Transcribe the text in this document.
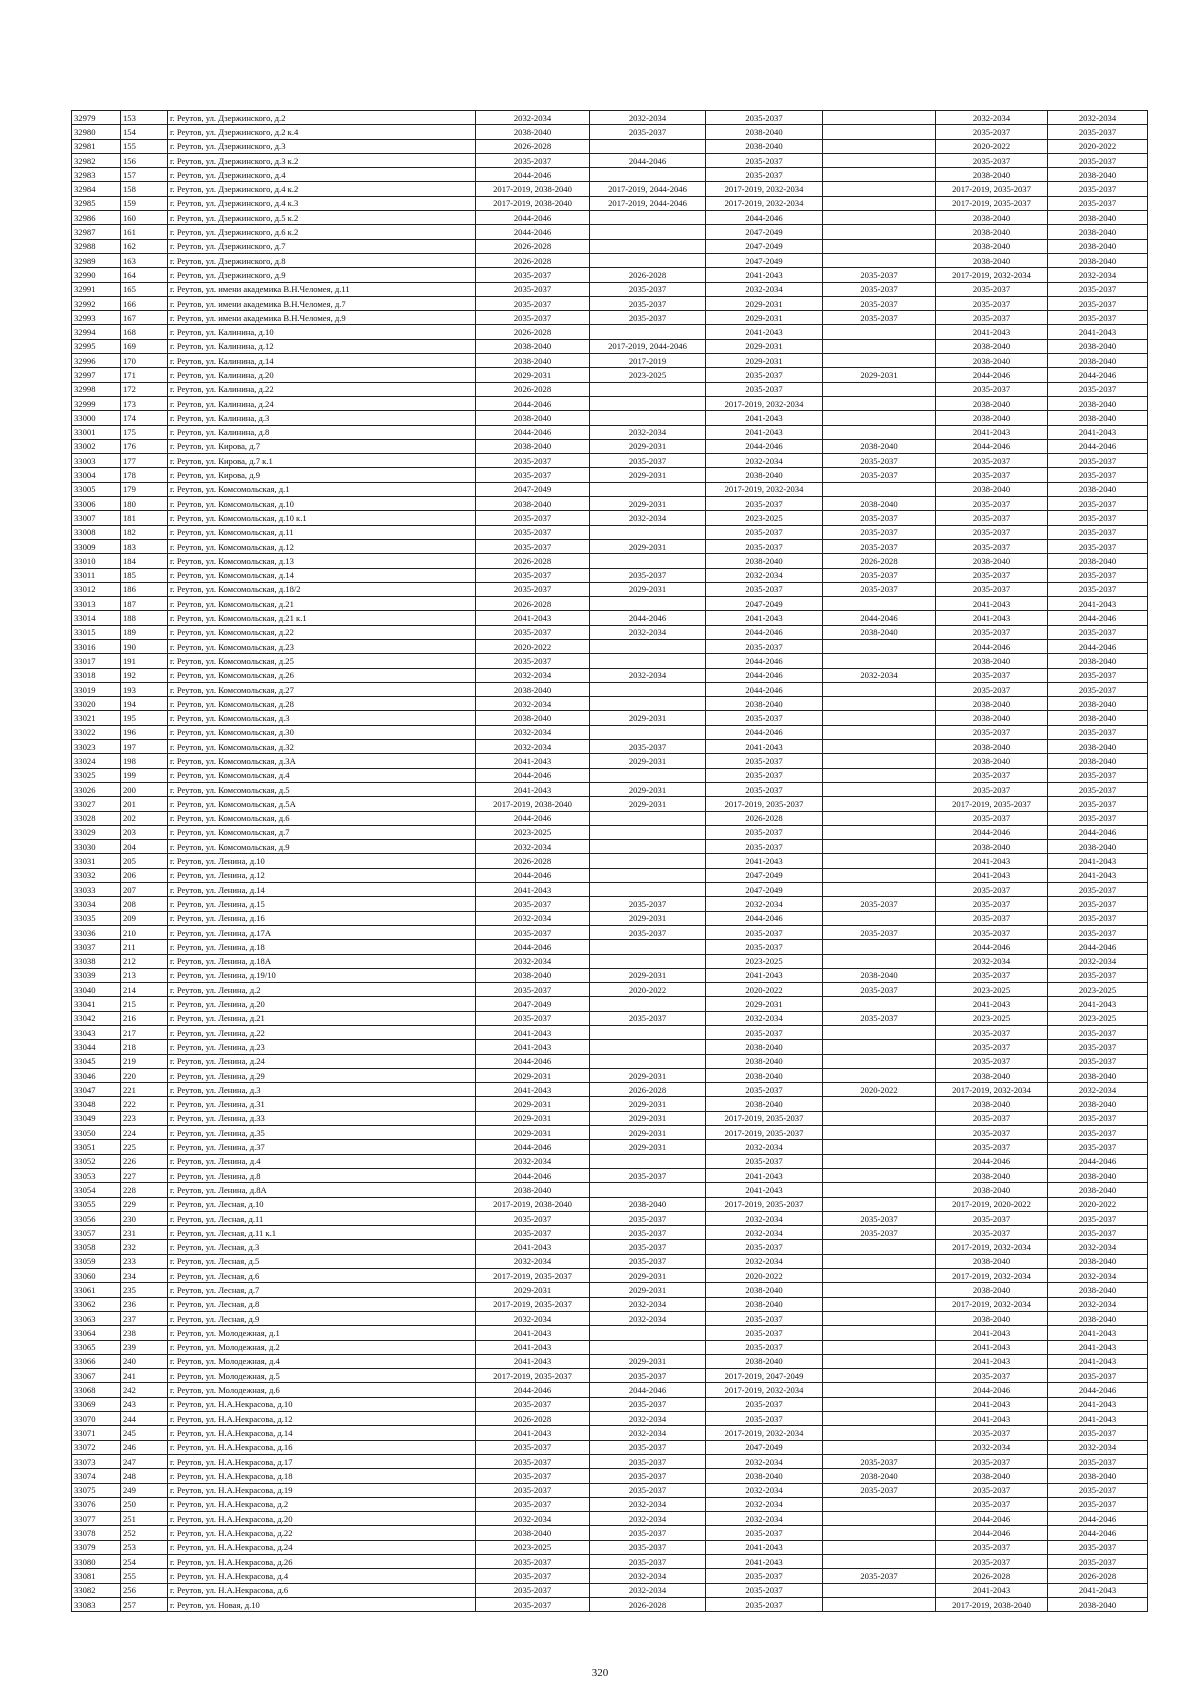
32979	153	г. Реутов, ул. Дзержинского, д.2	2032-2034	2032-2034	2035-2037		2032-2034	2032-2034
32980	154	г. Реутов, ул. Дзержинского, д.2 к.4	2038-2040	2035-2037	2038-2040		2035-2037	2035-2037
32981	155	г. Реутов, ул. Дзержинского, д.3	2026-2028		2038-2040		2020-2022	2020-2022
32982	156	г. Реутов, ул. Дзержинского, д.3 к.2	2035-2037	2044-2046	2035-2037		2035-2037	2035-2037
32983	157	г. Реутов, ул. Дзержинского, д.4	2044-2046		2035-2037		2038-2040	2038-2040
32984	158	г. Реутов, ул. Дзержинского, д.4 к.2	2017-2019, 2038-2040	2017-2019, 2044-2046	2017-2019, 2032-2034		2017-2019, 2035-2037	2035-2037
32985	159	г. Реутов, ул. Дзержинского, д.4 к.3	2017-2019, 2038-2040	2017-2019, 2044-2046	2017-2019, 2032-2034		2017-2019, 2035-2037	2035-2037
32986	160	г. Реутов, ул. Дзержинского, д.5 к.2	2044-2046		2044-2046		2038-2040	2038-2040
32987	161	г. Реутов, ул. Дзержинского, д.6 к.2	2044-2046		2047-2049		2038-2040	2038-2040
32988	162	г. Реутов, ул. Дзержинского, д.7	2026-2028		2047-2049		2038-2040	2038-2040
32989	163	г. Реутов, ул. Дзержинского, д.8	2026-2028		2047-2049		2038-2040	2038-2040
32990	164	г. Реутов, ул. Дзержинского, д.9	2035-2037	2026-2028	2041-2043	2035-2037	2017-2019, 2032-2034	2032-2034
32991	165	г. Реутов, ул. имени академика В.Н.Челомея, д.11	2035-2037	2035-2037	2032-2034	2035-2037	2035-2037	2035-2037
32992	166	г. Реутов, ул. имени академика В.Н.Челомея, д.7	2035-2037	2035-2037	2029-2031	2035-2037	2035-2037	2035-2037
32993	167	г. Реутов, ул. имени академика В.Н.Челомея, д.9	2035-2037	2035-2037	2029-2031	2035-2037	2035-2037	2035-2037
32994	168	г. Реутов, ул. Калинина, д.10	2026-2028		2041-2043		2041-2043	2041-2043
32995	169	г. Реутов, ул. Калинина, д.12	2038-2040	2017-2019, 2044-2046	2029-2031		2038-2040	2038-2040
32996	170	г. Реутов, ул. Калинина, д.14	2038-2040	2017-2019	2029-2031		2038-2040	2038-2040
32997	171	г. Реутов, ул. Калинина, д.20	2029-2031	2023-2025	2035-2037	2029-2031	2044-2046	2044-2046
32998	172	г. Реутов, ул. Калинина, д.22	2026-2028		2035-2037		2035-2037	2035-2037
32999	173	г. Реутов, ул. Калинина, д.24	2044-2046		2017-2019, 2032-2034		2038-2040	2038-2040
33000	174	г. Реутов, ул. Калинина, д.3	2038-2040		2041-2043		2038-2040	2038-2040
33001	175	г. Реутов, ул. Калинина, д.8	2044-2046	2032-2034	2041-2043		2041-2043	2041-2043
33002	176	г. Реутов, ул. Кирова, д.7	2038-2040	2029-2031	2044-2046	2038-2040	2044-2046	2044-2046
33003	177	г. Реутов, ул. Кирова, д.7 к.1	2035-2037	2035-2037	2032-2034	2035-2037	2035-2037	2035-2037
33004	178	г. Реутов, ул. Кирова, д.9	2035-2037	2029-2031	2038-2040	2035-2037	2035-2037	2035-2037
33005	179	г. Реутов, ул. Комсомольская, д.1	2047-2049		2017-2019, 2032-2034		2038-2040	2038-2040
33006	180	г. Реутов, ул. Комсомольская, д.10	2038-2040	2029-2031	2035-2037	2038-2040	2035-2037	2035-2037
33007	181	г. Реутов, ул. Комсомольская, д.10 к.1	2035-2037	2032-2034	2023-2025	2035-2037	2035-2037	2035-2037
33008	182	г. Реутов, ул. Комсомольская, д.11	2035-2037		2035-2037	2035-2037	2035-2037	2035-2037
33009	183	г. Реутов, ул. Комсомольская, д.12	2035-2037	2029-2031	2035-2037	2035-2037	2035-2037	2035-2037
33010	184	г. Реутов, ул. Комсомольская, д.13	2026-2028		2038-2040	2026-2028	2038-2040	2038-2040
33011	185	г. Реутов, ул. Комсомольская, д.14	2035-2037	2035-2037	2032-2034	2035-2037	2035-2037	2035-2037
33012	186	г. Реутов, ул. Комсомольская, д.18/2	2035-2037	2029-2031	2035-2037	2035-2037	2035-2037	2035-2037
33013	187	г. Реутов, ул. Комсомольская, д.21	2026-2028		2047-2049		2041-2043	2041-2043
33014	188	г. Реутов, ул. Комсомольская, д.21 к.1	2041-2043	2044-2046	2041-2043	2044-2046	2041-2043	2044-2046
33015	189	г. Реутов, ул. Комсомольская, д.22	2035-2037	2032-2034	2044-2046	2038-2040	2035-2037	2035-2037
33016	190	г. Реутов, ул. Комсомольская, д.23	2020-2022		2035-2037		2044-2046	2044-2046
33017	191	г. Реутов, ул. Комсомольская, д.25	2035-2037		2044-2046		2038-2040	2038-2040
33018	192	г. Реутов, ул. Комсомольская, д.26	2032-2034	2032-2034	2044-2046	2032-2034	2035-2037	2035-2037
33019	193	г. Реутов, ул. Комсомольская, д.27	2038-2040		2044-2046		2035-2037	2035-2037
33020	194	г. Реутов, ул. Комсомольская, д.28	2032-2034		2038-2040		2038-2040	2038-2040
33021	195	г. Реутов, ул. Комсомольская, д.3	2038-2040	2029-2031	2035-2037		2038-2040	2038-2040
33022	196	г. Реутов, ул. Комсомольская, д.30	2032-2034		2044-2046		2035-2037	2035-2037
33023	197	г. Реутов, ул. Комсомольская, д.32	2032-2034	2035-2037	2041-2043		2038-2040	2038-2040
33024	198	г. Реутов, ул. Комсомольская, д.3А	2041-2043	2029-2031	2035-2037		2038-2040	2038-2040
33025	199	г. Реутов, ул. Комсомольская, д.4	2044-2046		2035-2037		2035-2037	2035-2037
33026	200	г. Реутов, ул. Комсомольская, д.5	2041-2043	2029-2031	2035-2037		2035-2037	2035-2037
33027	201	г. Реутов, ул. Комсомольская, д.5А	2017-2019, 2038-2040	2029-2031	2017-2019, 2035-2037		2017-2019, 2035-2037	2035-2037
33028	202	г. Реутов, ул. Комсомольская, д.6	2044-2046		2026-2028		2035-2037	2035-2037
33029	203	г. Реутов, ул. Комсомольская, д.7	2023-2025		2035-2037		2044-2046	2044-2046
33030	204	г. Реутов, ул. Комсомольская, д.9	2032-2034		2035-2037		2038-2040	2038-2040
33031	205	г. Реутов, ул. Ленина, д.10	2026-2028		2041-2043		2041-2043	2041-2043
33032	206	г. Реутов, ул. Ленина, д.12	2044-2046		2047-2049		2041-2043	2041-2043
33033	207	г. Реутов, ул. Ленина, д.14	2041-2043		2047-2049		2035-2037	2035-2037
33034	208	г. Реутов, ул. Ленина, д.15	2035-2037	2035-2037	2032-2034	2035-2037	2035-2037	2035-2037
33035	209	г. Реутов, ул. Ленина, д.16	2032-2034	2029-2031	2044-2046		2035-2037	2035-2037
33036	210	г. Реутов, ул. Ленина, д.17А	2035-2037	2035-2037	2035-2037	2035-2037	2035-2037	2035-2037
33037	211	г. Реутов, ул. Ленина, д.18	2044-2046		2035-2037		2044-2046	2044-2046
33038	212	г. Реутов, ул. Ленина, д.18А	2032-2034		2023-2025		2032-2034	2032-2034
33039	213	г. Реутов, ул. Ленина, д.19/10	2038-2040	2029-2031	2041-2043	2038-2040	2035-2037	2035-2037
33040	214	г. Реутов, ул. Ленина, д.2	2035-2037	2020-2022	2020-2022	2035-2037	2023-2025	2023-2025
33041	215	г. Реутов, ул. Ленина, д.20	2047-2049		2029-2031		2041-2043	2041-2043
33042	216	г. Реутов, ул. Ленина, д.21	2035-2037	2035-2037	2032-2034	2035-2037	2023-2025	2023-2025
33043	217	г. Реутов, ул. Ленина, д.22	2041-2043		2035-2037		2035-2037	2035-2037
33044	218	г. Реутов, ул. Ленина, д.23	2041-2043		2038-2040		2035-2037	2035-2037
33045	219	г. Реутов, ул. Ленина, д.24	2044-2046		2038-2040		2035-2037	2035-2037
33046	220	г. Реутов, ул. Ленина, д.29	2029-2031	2029-2031	2038-2040		2038-2040	2038-2040
33047	221	г. Реутов, ул. Ленина, д.3	2041-2043	2026-2028	2035-2037	2020-2022	2017-2019, 2032-2034	2032-2034
33048	222	г. Реутов, ул. Ленина, д.31	2029-2031	2029-2031	2038-2040		2038-2040	2038-2040
33049	223	г. Реутов, ул. Ленина, д.33	2029-2031	2029-2031	2017-2019, 2035-2037		2035-2037	2035-2037
33050	224	г. Реутов, ул. Ленина, д.35	2029-2031	2029-2031	2017-2019, 2035-2037		2035-2037	2035-2037
33051	225	г. Реутов, ул. Ленина, д.37	2044-2046	2029-2031	2032-2034		2035-2037	2035-2037
33052	226	г. Реутов, ул. Ленина, д.4	2032-2034		2035-2037		2044-2046	2044-2046
33053	227	г. Реутов, ул. Ленина, д.8	2044-2046	2035-2037	2041-2043		2038-2040	2038-2040
33054	228	г. Реутов, ул. Ленина, д.8А	2038-2040		2041-2043		2038-2040	2038-2040
33055	229	г. Реутов, ул. Лесная, д.10	2017-2019, 2038-2040	2038-2040	2017-2019, 2035-2037		2017-2019, 2020-2022	2020-2022
33056	230	г. Реутов, ул. Лесная, д.11	2035-2037	2035-2037	2032-2034	2035-2037	2035-2037	2035-2037
33057	231	г. Реутов, ул. Лесная, д.11 к.1	2035-2037	2035-2037	2032-2034	2035-2037	2035-2037	2035-2037
33058	232	г. Реутов, ул. Лесная, д.3	2041-2043	2035-2037	2035-2037		2017-2019, 2032-2034	2032-2034
33059	233	г. Реутов, ул. Лесная, д.5	2032-2034	2035-2037	2032-2034		2038-2040	2038-2040
33060	234	г. Реутов, ул. Лесная, д.6	2017-2019, 2035-2037	2029-2031	2020-2022		2017-2019, 2032-2034	2032-2034
33061	235	г. Реутов, ул. Лесная, д.7	2029-2031	2029-2031	2038-2040		2038-2040	2038-2040
33062	236	г. Реутов, ул. Лесная, д.8	2017-2019, 2035-2037	2032-2034	2038-2040		2017-2019, 2032-2034	2032-2034
33063	237	г. Реутов, ул. Лесная, д.9	2032-2034	2032-2034	2035-2037		2038-2040	2038-2040
33064	238	г. Реутов, ул. Молодежная, д.1	2041-2043		2035-2037		2041-2043	2041-2043
33065	239	г. Реутов, ул. Молодежная, д.2	2041-2043		2035-2037		2041-2043	2041-2043
33066	240	г. Реутов, ул. Молодежная, д.4	2041-2043	2029-2031	2038-2040		2041-2043	2041-2043
33067	241	г. Реутов, ул. Молодежная, д.5	2017-2019, 2035-2037	2035-2037	2017-2019, 2047-2049		2035-2037	2035-2037
33068	242	г. Реутов, ул. Молодежная, д.6	2044-2046	2044-2046	2017-2019, 2032-2034		2044-2046	2044-2046
33069	243	г. Реутов, ул. Н.А.Некрасова, д.10	2035-2037	2035-2037	2035-2037		2041-2043	2041-2043
33070	244	г. Реутов, ул. Н.А.Некрасова, д.12	2026-2028	2032-2034	2035-2037		2041-2043	2041-2043
33071	245	г. Реутов, ул. Н.А.Некрасова, д.14	2041-2043	2032-2034	2017-2019, 2032-2034		2035-2037	2035-2037
33072	246	г. Реутов, ул. Н.А.Некрасова, д.16	2035-2037	2035-2037	2047-2049		2032-2034	2032-2034
33073	247	г. Реутов, ул. Н.А.Некрасова, д.17	2035-2037	2035-2037	2032-2034	2035-2037	2035-2037	2035-2037
33074	248	г. Реутов, ул. Н.А.Некрасова, д.18	2035-2037	2035-2037	2038-2040	2038-2040	2038-2040	2038-2040
33075	249	г. Реутов, ул. Н.А.Некрасова, д.19	2035-2037	2035-2037	2032-2034	2035-2037	2035-2037	2035-2037
33076	250	г. Реутов, ул. Н.А.Некрасова, д.2	2035-2037	2032-2034	2032-2034		2035-2037	2035-2037
33077	251	г. Реутов, ул. Н.А.Некрасова, д.20	2032-2034	2032-2034	2032-2034		2044-2046	2044-2046
33078	252	г. Реутов, ул. Н.А.Некрасова, д.22	2038-2040	2035-2037	2035-2037		2044-2046	2044-2046
33079	253	г. Реутов, ул. Н.А.Некрасова, д.24	2023-2025	2035-2037	2041-2043		2035-2037	2035-2037
33080	254	г. Реутов, ул. Н.А.Некрасова, д.26	2035-2037	2035-2037	2041-2043		2035-2037	2035-2037
33081	255	г. Реутов, ул. Н.А.Некрасова, д.4	2035-2037	2032-2034	2035-2037	2035-2037	2026-2028	2026-2028
33082	256	г. Реутов, ул. Н.А.Некрасова, д.6	2035-2037	2032-2034	2035-2037		2041-2043	2041-2043
33083	257	г. Реутов, ул. Новая, д.10	2035-2037	2026-2028	2035-2037		2017-2019, 2038-2040	2038-2040
320
